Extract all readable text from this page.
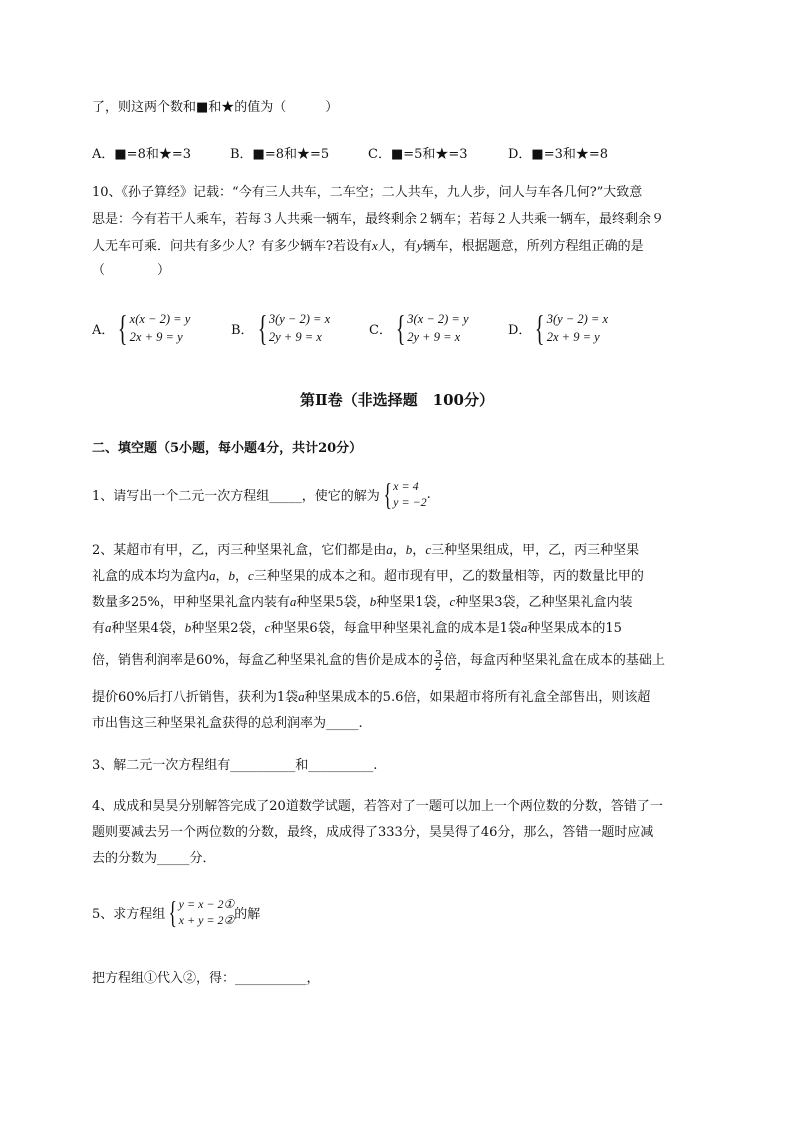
了，则这两个数和■和★的值为（　　　）
A．■=8和★=3	B．■=8和★=5	C．■=5和★=3	D．■=3和★=8
10、《孙子算经》记载：“今有三人共车，二车空；二人共车，九人步，问人与车各几何?”大致意
思是：今有若干人乘车，若每３人共乘一辆车，最终剩余２辆车；若每２人共乘一辆车，最终剩余９
人无车可乘．问共有多少人？有多少辆车?若设有x人，有y辆车，根据题意，所列方程组正确的是
（　　　　）
A． { x(x − 2) = y
2x + 9 = y	B． { 3(y − 2) = x
2y + 9 = x	C． { 3(x − 2) = y
2y + 9 = x	D． { 3(y − 2) = x
2x + 9 = y
第Ⅱ卷（非选择题　100分）
二、填空题（5小题，每小题4分，共计20分）
1、请写出一个二元一次方程组_____，使它的解为 { x = 4
y = −2
.
2、某超市有甲，乙，丙三种坚果礼盒，它们都是由a，b，c三种坚果组成，甲，乙，丙三种坚果
礼盒的成本均为盒内a，b，c三种坚果的成本之和。超市现有甲，乙的数量相等，丙的数量比甲的
数量多25%，甲种坚果礼盒内装有a种坚果5袋，b种坚果1袋，c种坚果3袋，乙种坚果礼盒内装
有a种坚果4袋，b种坚果2袋，c种坚果6袋，每盒甲种坚果礼盒的成本是1袋a种坚果成本的15
倍，销售利润率是60%，每盒乙种坚果礼盒的售价是成本的 $\frac{3}{2}$ 倍，每盒丙种坚果礼盒在成本的基础上
提价60%后打八折销售，获利为1袋a种坚果成本的5.6倍，如果超市将所有礼盒全部售出，则该超
市出售这三种坚果礼盒获得的总利润率为_____.
3、解二元一次方程组有__________和__________.
4、成成和昊昊分别解答完成了20道数学试题，若答对了一题可以加上一个两位数的分数，答错了一
题则要减去另一个两位数的分数，最终，成成得了333分，昊昊得了46分，那么，答错一题时应减
去的分数为_____分．
5、求方程组 { y = x − 2①
x + y = 2② 的解
把方程组①代入②，得：___________，
